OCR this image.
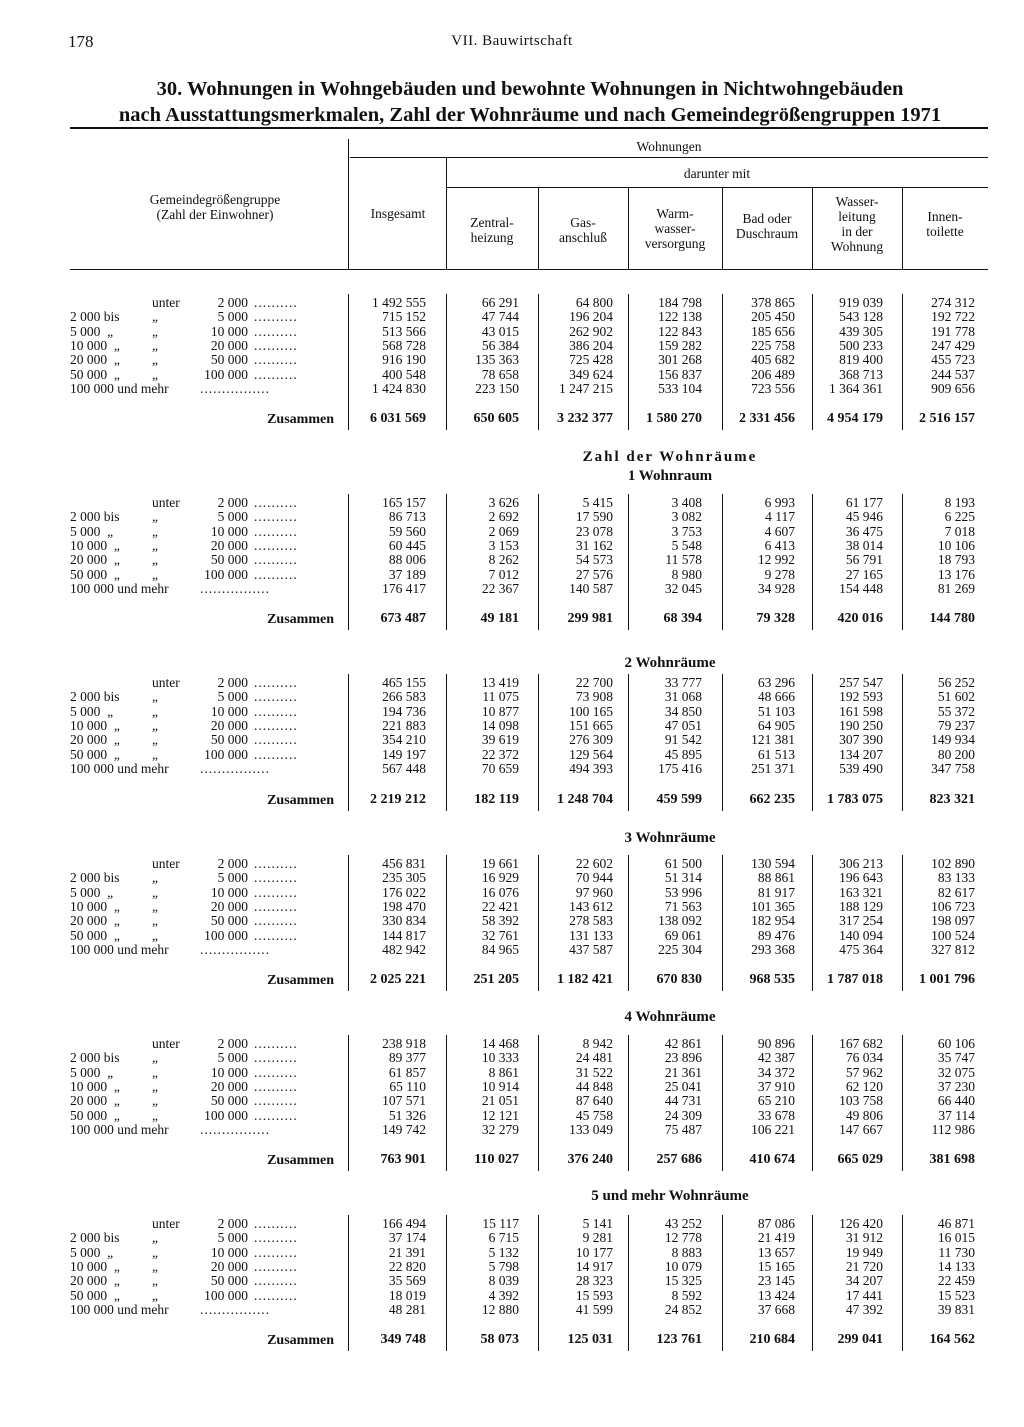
178	VII. Bauwirtschaft
30. Wohnungen in Wohngebäuden und bewohnte Wohnungen in Nichtwohngebäuden
nach Ausstattungsmerkmalen, Zahl der Wohnräume und nach Gemeindegrößengruppen 1971
unter	2 000 ..........	1 492 555	66 291	64 800	184 798	378 865	919 039	274 312
2 000 bis „	5 000 ..........	715 152	47 744	196 204	122 138	205 450	543 128	192 722
5 000  „	„	10 000 ..........	513 566	43 015	262 902	122 843	185 656	439 305	191 778
10 000  „ „	20 000 ..........	568 728	56 384	386 204	159 282	225 758	500 233	247 429
20 000  „ „	50 000 ..........	916 190	135 363	725 428	301 268	405 682	819 400	455 723
50 000  „ „	100 000 ..........	400 548	78 658	349 624	156 837	206 489	368 713	244 537
100 000 und mehr ................	1 424 830	223 150	1 247 215	533 104	723 556	1 364 361	909 656
Zusammen	6 031 569	650 605	3 232 377	1 580 270	2 331 456	4 954 179	2 516 157
Zahl der Wohnräume
1 Wohnraum
unter	2 000 ..........	165 157	3 626	5 415	3 408	6 993	61 177	8 193
2 000 bis „	5 000 ..........	86 713	2 692	17 590	3 082	4 117	45 946	6 225
5 000  „	„	10 000 ..........	59 560	2 069	23 078	3 753	4 607	36 475	7 018
10 000  „ „	20 000 ..........	60 445	3 153	31 162	5 548	6 413	38 014	10 106
20 000  „ „	50 000 ..........	88 006	8 262	54 573	11 578	12 992	56 791	18 793
50 000  „ „	100 000 ..........	37 189	7 012	27 576	8 980	9 278	27 165	13 176
100 000 und mehr ................	176 417	22 367	140 587	32 045	34 928	154 448	81 269
Zusammen	673 487	49 181	299 981	68 394	79 328	420 016	144 780
2 Wohnräume
unter	2 000 ..........	465 155	13 419	22 700	33 777	63 296	257 547	56 252
2 000 bis „	5 000 ..........	266 583	11 075	73 908	31 068	48 666	192 593	51 602
5 000  „	„	10 000 ..........	194 736	10 877	100 165	34 850	51 103	161 598	55 372
10 000  „ „	20 000 ..........	221 883	14 098	151 665	47 051	64 905	190 250	79 237
20 000  „ „	50 000 ..........	354 210	39 619	276 309	91 542	121 381	307 390	149 934
50 000  „ „	100 000 ..........	149 197	22 372	129 564	45 895	61 513	134 207	80 200
100 000 und mehr ................	567 448	70 659	494 393	175 416	251 371	539 490	347 758
Zusammen	2 219 212	182 119	1 248 704	459 599	662 235	1 783 075	823 321
3 Wohnräume
unter	2 000 ..........	456 831	19 661	22 602	61 500	130 594	306 213	102 890
2 000 bis „	5 000 ..........	235 305	16 929	70 944	51 314	88 861	196 643	83 133
5 000  „	„	10 000 ..........	176 022	16 076	97 960	53 996	81 917	163 321	82 617
10 000  „ „	20 000 ..........	198 470	22 421	143 612	71 563	101 365	188 129	106 723
20 000  „ „	50 000 ..........	330 834	58 392	278 583	138 092	182 954	317 254	198 097
50 000  „ „	100 000 ..........	144 817	32 761	131 133	69 061	89 476	140 094	100 524
100 000 und mehr ................	482 942	84 965	437 587	225 304	293 368	475 364	327 812
Zusammen	2 025 221	251 205	1 182 421	670 830	968 535	1 787 018	1 001 796
4 Wohnräume
unter	2 000 ..........	238 918	14 468	8 942	42 861	90 896	167 682	60 106
2 000 bis „	5 000 ..........	89 377	10 333	24 481	23 896	42 387	76 034	35 747
5 000  „	„	10 000 ..........	61 857	8 861	31 522	21 361	34 372	57 962	32 075
10 000  „ „	20 000 ..........	65 110	10 914	44 848	25 041	37 910	62 120	37 230
20 000  „ „	50 000 ..........	107 571	21 051	87 640	44 731	65 210	103 758	66 440
50 000  „ „	100 000 ..........	51 326	12 121	45 758	24 309	33 678	49 806	37 114
100 000 und mehr ................	149 742	32 279	133 049	75 487	106 221	147 667	112 986
Zusammen	763 901	110 027	376 240	257 686	410 674	665 029	381 698
5 und mehr Wohnräume
unter	2 000 ..........	166 494	15 117	5 141	43 252	87 086	126 420	46 871
2 000 bis „	5 000 ..........	37 174	6 715	9 281	12 778	21 419	31 912	16 015
5 000  „	„	10 000 ..........	21 391	5 132	10 177	8 883	13 657	19 949	11 730
10 000  „ „	20 000 ..........	22 820	5 798	14 917	10 079	15 165	21 720	14 133
20 000  „ „	50 000 ..........	35 569	8 039	28 323	15 325	23 145	34 207	22 459
50 000  „ „	100 000 ..........	18 019	4 392	15 593	8 592	13 424	17 441	15 523
100 000 und mehr ................	48 281	12 880	41 599	24 852	37 668	47 392	39 831
Zusammen	349 748	58 073	125 031	123 761	210 684	299 041	164 562
Gemeindegrößengruppe
(Zahl der Einwohner)
Wohnungen
darunter mit
Insgesamt
Zentral-
heizung
Gas-
anschluß
Warm-
wasser-
versorgung
Bad oder
Duschraum
Wasser-
leitung
in der
Wohnung
Innen-
toilette
